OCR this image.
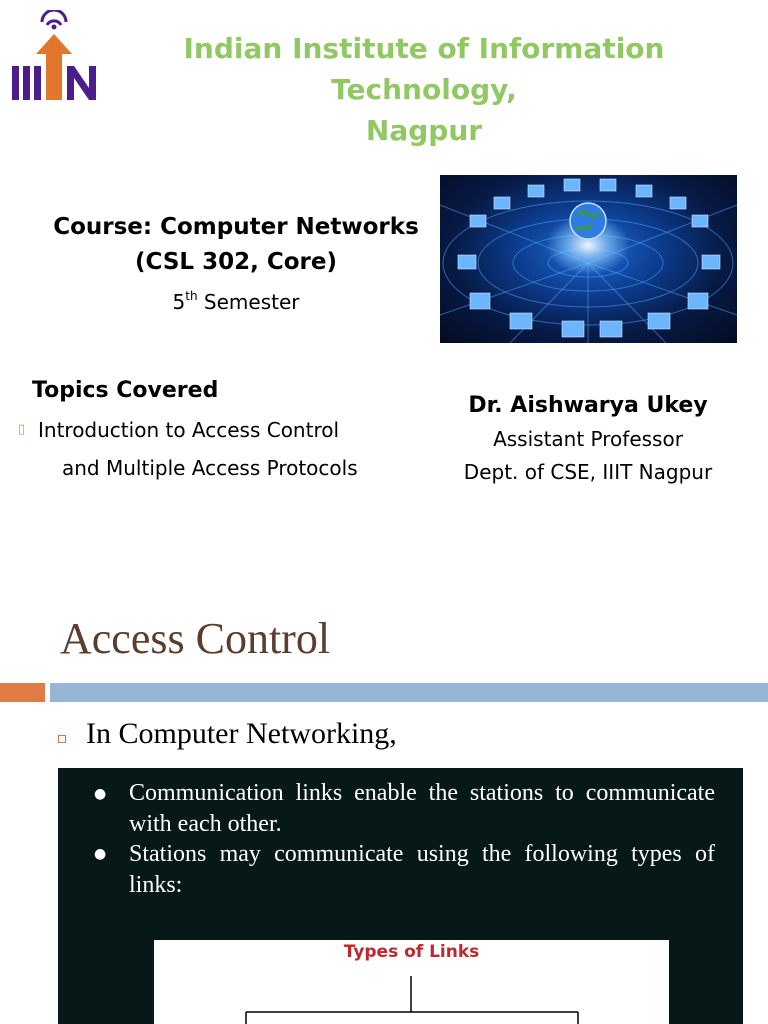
Indian Institute of Information Technology,
Nagpur
Course: Computer Networks
(CSL 302, Core)
5th Semester
Topics Covered
▯ Introduction to Access Control
and Multiple Access Protocols
Dr. Aishwarya Ukey
Assistant Professor
Dept. of CSE, IIIT Nagpur
Access Control
In Computer Networking,
● Communication links enable the stations to communicate with each other.
● Stations may communicate using the following types of links:
Types of Links
